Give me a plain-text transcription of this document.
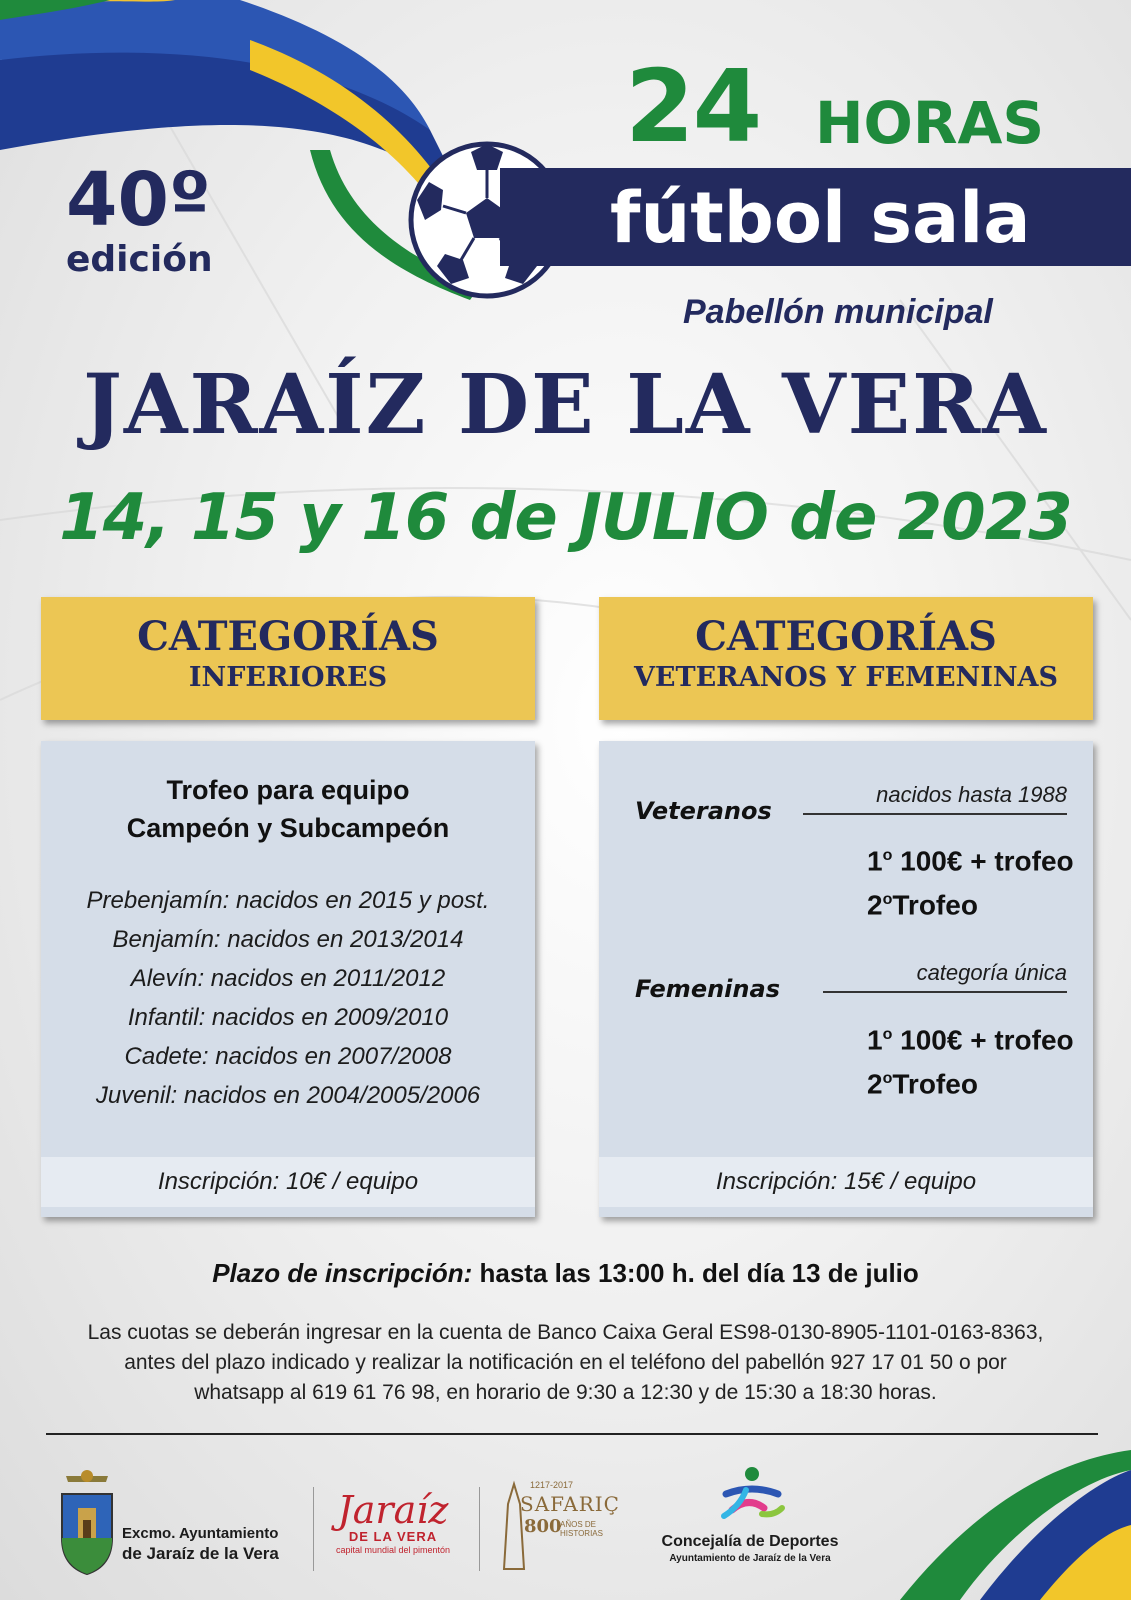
40º
edición
24 HORAS
fútbol sala
Pabellón municipal
JARAÍZ DE LA VERA
14, 15 y 16 de JULIO de 2023
CATEGORÍAS
INFERIORES
Trofeo para equipo
Campeón y Subcampeón
Prebenjamín: nacidos en 2015 y post.
Benjamín: nacidos en 2013/2014
Alevín: nacidos en 2011/2012
Infantil: nacidos en 2009/2010
Cadete: nacidos en 2007/2008
Juvenil: nacidos en 2004/2005/2006
Inscripción: 10€ / equipo
CATEGORÍAS
VETERANOS Y FEMENINAS
nacidos hasta 1988
Veteranos
1$^o$ 100€ + trofeo
2$^o$Trofeo
categoría única
Femeninas
1$^o$ 100€ + trofeo
2$^o$Trofeo
Inscripción: 15€ / equipo
Plazo de inscripción: hasta las 13:00 h. del día 13 de julio
Las cuotas se deberán ingresar en la cuenta de Banco Caixa Geral ES98-0130-8905-1101-0163-8363,
antes del plazo indicado y realizar la notificación en el teléfono del pabellón 927 17 01 50 o por
whatsapp al 619 61 76 98, en horario de 9:30 a 12:30 y de 15:30 a 18:30 horas.
Excmo. Ayuntamiento
de Jaraíz de la Vera
Jaraíz
DE LA VERA
capital mundial del pimentón
1217-2017
SAFARIÇ
800
AÑOS DE HISTORIAS	Concejalía de Deportes
Ayuntamiento de Jaraíz de la Vera
